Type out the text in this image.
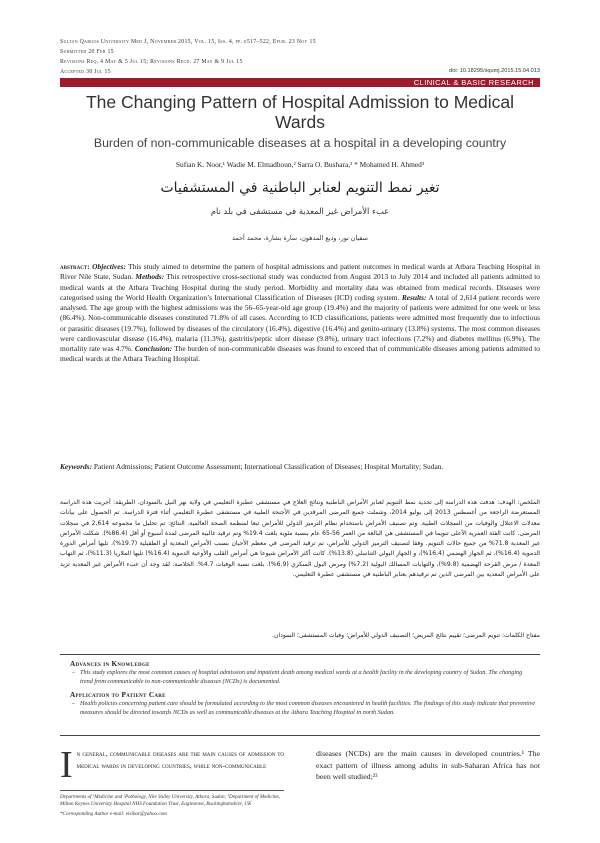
Sultan Qaboos University Med J, November 2015, Vol. 15, Iss. 4, pp. e517–522, Epub. 23 Nov 15
Submitted 20 Feb 15
Revisions Req. 4 May & 5 Jul 15; Revisions Recd. 27 May & 9 Jul 15
Accepted 30 Jul 15	doi: 10.18295/squmj.2015.15.04.013
CLINICAL & BASIC RESEARCH
The Changing Pattern of Hospital Admission to Medical Wards
Burden of non-communicable diseases at a hospital in a developing country
Sufian K. Noor,¹ Wadie M. Elmadhoun,² Sarra O. Bushara,² * Mohamed H. Ahmed³
تغير نمط التنويم لعنابر الباطنية في المستشفيات
عبء الأمراض غير المعدية في مستشفى في بلد نام
سفيان نور، وديع المدهون، سارة بشارة، محمد أحمد
abstract: Objectives: This study aimed to determine the pattern of hospital admissions and patient outcomes in medical wards at Atbara Teaching Hospital in River Nile State, Sudan. Methods: This retrospective cross-sectional study was conducted from August 2013 to July 2014 and included all patients admitted to medical wards at the Atbara Teaching Hospital during the study period. Morbidity and mortality data was obtained from medical records. Diseases were categorised using the World Health Organization’s International Classification of Diseases (ICD) coding system. Results: A total of 2,614 patient records were analysed. The age group with the highest admissions was the 56–65-year-old age group (19.4%) and the majority of patients were admitted for one week or less (86.4%). Non-communicable diseases constituted 71.8% of all cases. According to ICD classifications, patients were admitted most frequently due to infectious or parasitic diseases (19.7%), followed by diseases of the circulatory (16.4%), digestive (16.4%) and genito-urinary (13.8%) systems. The most common diseases were cardiovascular disease (16.4%), malaria (11.3%), gastritis/peptic ulcer disease (9.8%), urinary tract infections (7.2%) and diabetes mellitus (6.9%). The mortality rate was 4.7%. Conclusion: The burden of non-communicable diseases was found to exceed that of communicable diseases among patients admitted to medical wards at the Atbara Teaching Hospital.
Keywords: Patient Admissions; Patient Outcome Assessment; International Classification of Diseases; Hospital Mortality; Sudan.
الملخص: الهدف: هدفت هذه الدراسة إلى تحديد نمط التنويم لعنابر الأمراض الباطنية ونتائج العلاج في مستشفى عطبرة التعليمي في ولاية نهر النيل بالسودان. الطريقة: أجريت هذه الدراسة المستعرضة الراجعة من أغسطس 2013 إلى يوليو 2014، وشملت جميع المرضى المرقدين في الأجنحة الطبية في مستشفى عطبرة التعليمي أثناء فترة الدراسة. تم الحصول على بيانات معدلات الاعتلال والوفيات من السجلات الطبية. وتم تصنيف الأمراض باستخدام نظام الترميز الدولي للأمراض تبعا لمنظمة الصحة العالمية. النتائج: تم تحليل ما مجموعه 2,614 في سجلات المرضى. كانت الفئة العمرية الأعلى تنويما في المستشفى هي البالغة من العمر 56-65 عام بنسبة مئوية بلغت 19.4% وتم ترقيد غالبية المرضى لمدة أسبوع أو أقل (86.4%). شكلت الأمراض غير المعدية 71.8% من جميع حالات التنويم. وفقا لتصنيف الترميز الدولي للأمراض، تم ترقيد المرضى في معظم الأحيان بسبب الأمراض المعدية أو الطفيلية (19.7%)، تليها أمراض الدورة الدموية (16.4%)، ثم الجهاز الهضمي (16.4%)، و الجهاز البولي التناسلي (13.8%). كانت أكثر الأمراض شيوعا هي أمراض القلب والأوعية الدموية (16.4%) تليها الملاريا (11.3%)، ثم التهاب المعدة / مرض القرحة الهضمية (9.8%)، والتهابات المسالك البولية (7.2%) ومرض البول السكري (6.9%). بلغت نسبة الوفيات 4.7%. الخلاصة: لقد وجد أن عبء الأمراض غير المعدية تزيد على الأمراض المعدية بين المرضى الذين تم ترقيدهم بعنابر الباطنية في مستشفى عطبرة التعليمي.
مفتاح الكلمات: تنويم المرضى؛ تقييم نتائج المريض؛ التصنيف الدولي للأمراض؛ وفيات المستشفى؛ السودان.
Advances in Knowledge
– This study explores the most common causes of hospital admission and inpatient death among medical wards at a health facility in the developing country of Sudan. The changing trend from communicable to non-communicable diseases (NCDs) is documented.
Application to Patient Care
– Health policies concerning patient care should be formulated according to the most common diseases encountered in health facilities. The findings of this study indicate that preventive measures should be directed towards NCDs as well as communicable diseases at the Atbara Teaching Hospital in north Sudan.
In general, communicable diseases are the main causes of admission to medical wards in developing countries, while non-communicable
diseases (NCDs) are the main causes in developed countries.¹ The exact pattern of illness among adults in sub-Saharan Africa has not been well studied;²³
Departments of ¹Medicine and ²Pathology, Nile Valley University, Atbara, Sudan; ³Department of Medicine, Milton Keynes University Hospital NHS Foundation Trust, Eaglestone, Buckinghamshire, UK
*Corresponding Author e-mail: elsibar@yahoo.com
